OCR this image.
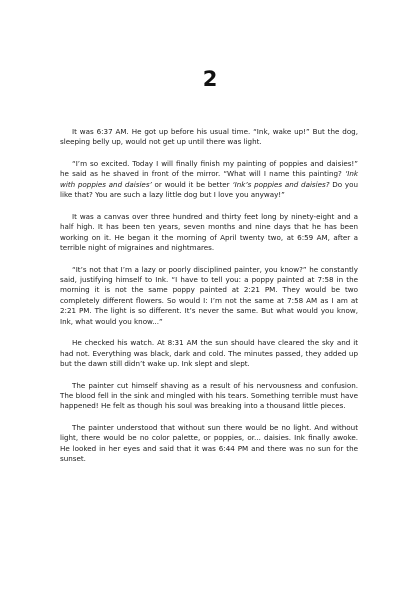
2

It was 6:37 AM. He got up before his usual time. “Ink, wake up!” But the dog, sleeping belly up, would not get up until there was light.

“I’m so excited. Today I will finally finish my painting of poppies and daisies!” he said as he shaved in front of the mirror. “What will I name this painting? ‘Ink with poppies and daisies’ or would it be better ‘Ink’s poppies and daisies? Do you like that? You are such a lazy little dog but I love you anyway!”

It was a canvas over three hundred and thirty feet long by ninety-eight and a half high. It has been ten years, seven months and nine days that he has been working on it. He began it the morning of April twenty two, at 6:59 AM, after a terrible night of migraines and nightmares.

“It’s not that I’m a lazy or poorly disciplined painter, you know?” he constantly said, justifying himself to Ink. “I have to tell you: a poppy painted at 7:58 in the morning it is not the same poppy painted at 2:21 PM. They would be two completely different flowers. So would I: I’m not the same at 7:58 AM as I am at 2:21 PM. The light is so different. It’s never the same. But what would you know, Ink, what would you know...”

He checked his watch. At 8:31 AM the sun should have cleared the sky and it had not. Everything was black, dark and cold. The minutes passed, they added up but the dawn still didn’t wake up. Ink slept and slept.

The painter cut himself shaving as a result of his nervousness and confusion. The blood fell in the sink and mingled with his tears. Something terrible must have happened! He felt as though his soul was breaking into a thousand little pieces.

The painter understood that without sun there would be no light. And without light, there would be no color palette, or poppies, or... daisies. Ink finally awoke. He looked in her eyes and said that it was 6:44 PM and there was no sun for the sunset.
